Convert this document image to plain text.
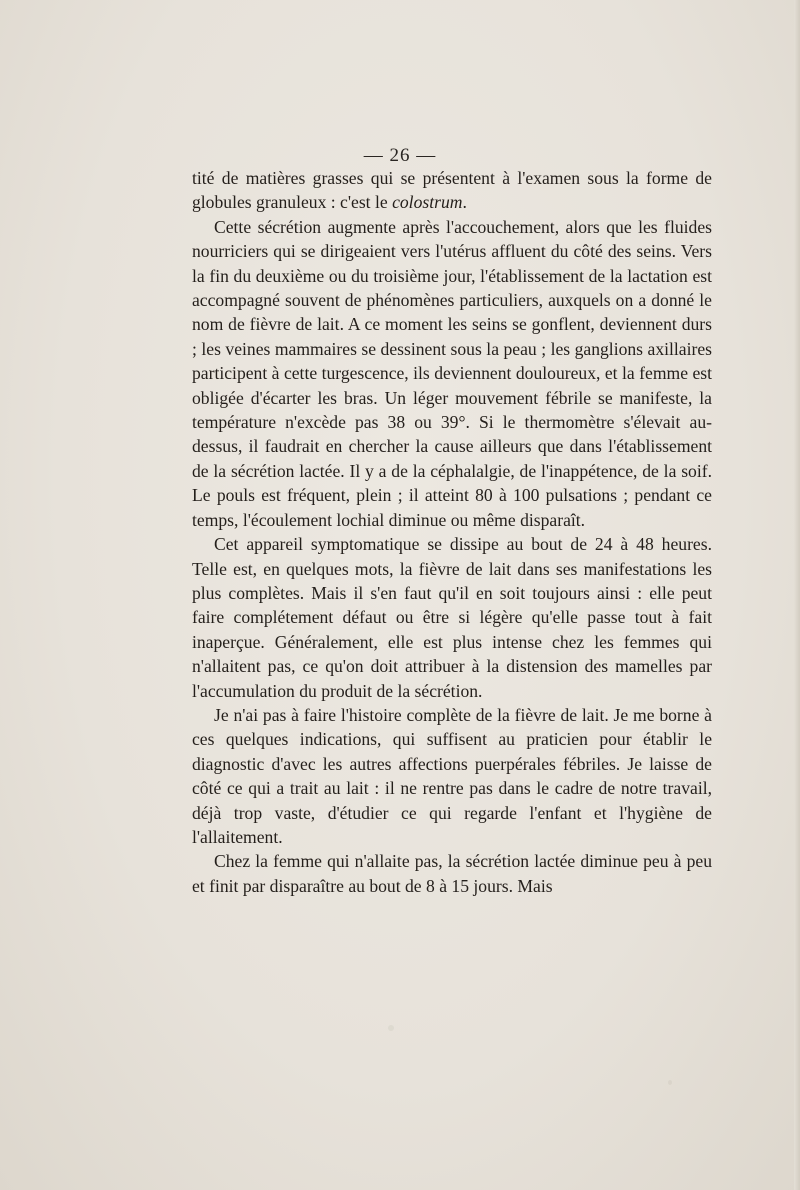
— 26 —

tité de matières grasses qui se présentent à l'examen sous la forme de globules granuleux : c'est le colostrum.

Cette sécrétion augmente après l'accouchement, alors que les fluides nourriciers qui se dirigeaient vers l'utérus affluent du côté des seins. Vers la fin du deuxième ou du troisième jour, l'établissement de la lactation est accompagné souvent de phénomènes particuliers, auxquels on a donné le nom de fièvre de lait. A ce moment les seins se gonflent, deviennent durs ; les veines mammaires se dessinent sous la peau ; les ganglions axillaires participent à cette turgescence, ils deviennent douloureux, et la femme est obligée d'écarter les bras. Un léger mouvement fébrile se manifeste, la température n'excède pas 38 ou 39°. Si le thermomètre s'élevait au-dessus, il faudrait en chercher la cause ailleurs que dans l'établissement de la sécrétion lactée. Il y a de la céphalalgie, de l'inappétence, de la soif. Le pouls est fréquent, plein ; il atteint 80 à 100 pulsations ; pendant ce temps, l'écoulement lochial diminue ou même disparaît.

Cet appareil symptomatique se dissipe au bout de 24 à 48 heures. Telle est, en quelques mots, la fièvre de lait dans ses manifestations les plus complètes. Mais il s'en faut qu'il en soit toujours ainsi : elle peut faire complétement défaut ou être si légère qu'elle passe tout à fait inaperçue. Généralement, elle est plus intense chez les femmes qui n'allaitent pas, ce qu'on doit attribuer à la distension des mamelles par l'accumulation du produit de la sécrétion.

Je n'ai pas à faire l'histoire complète de la fièvre de lait. Je me borne à ces quelques indications, qui suffisent au praticien pour établir le diagnostic d'avec les autres affections puerpérales fébriles. Je laisse de côté ce qui a trait au lait : il ne rentre pas dans le cadre de notre travail, déjà trop vaste, d'étudier ce qui regarde l'enfant et l'hygiène de l'allaitement.

Chez la femme qui n'allaite pas, la sécrétion lactée diminue peu à peu et finit par disparaître au bout de 8 à 15 jours. Mais
